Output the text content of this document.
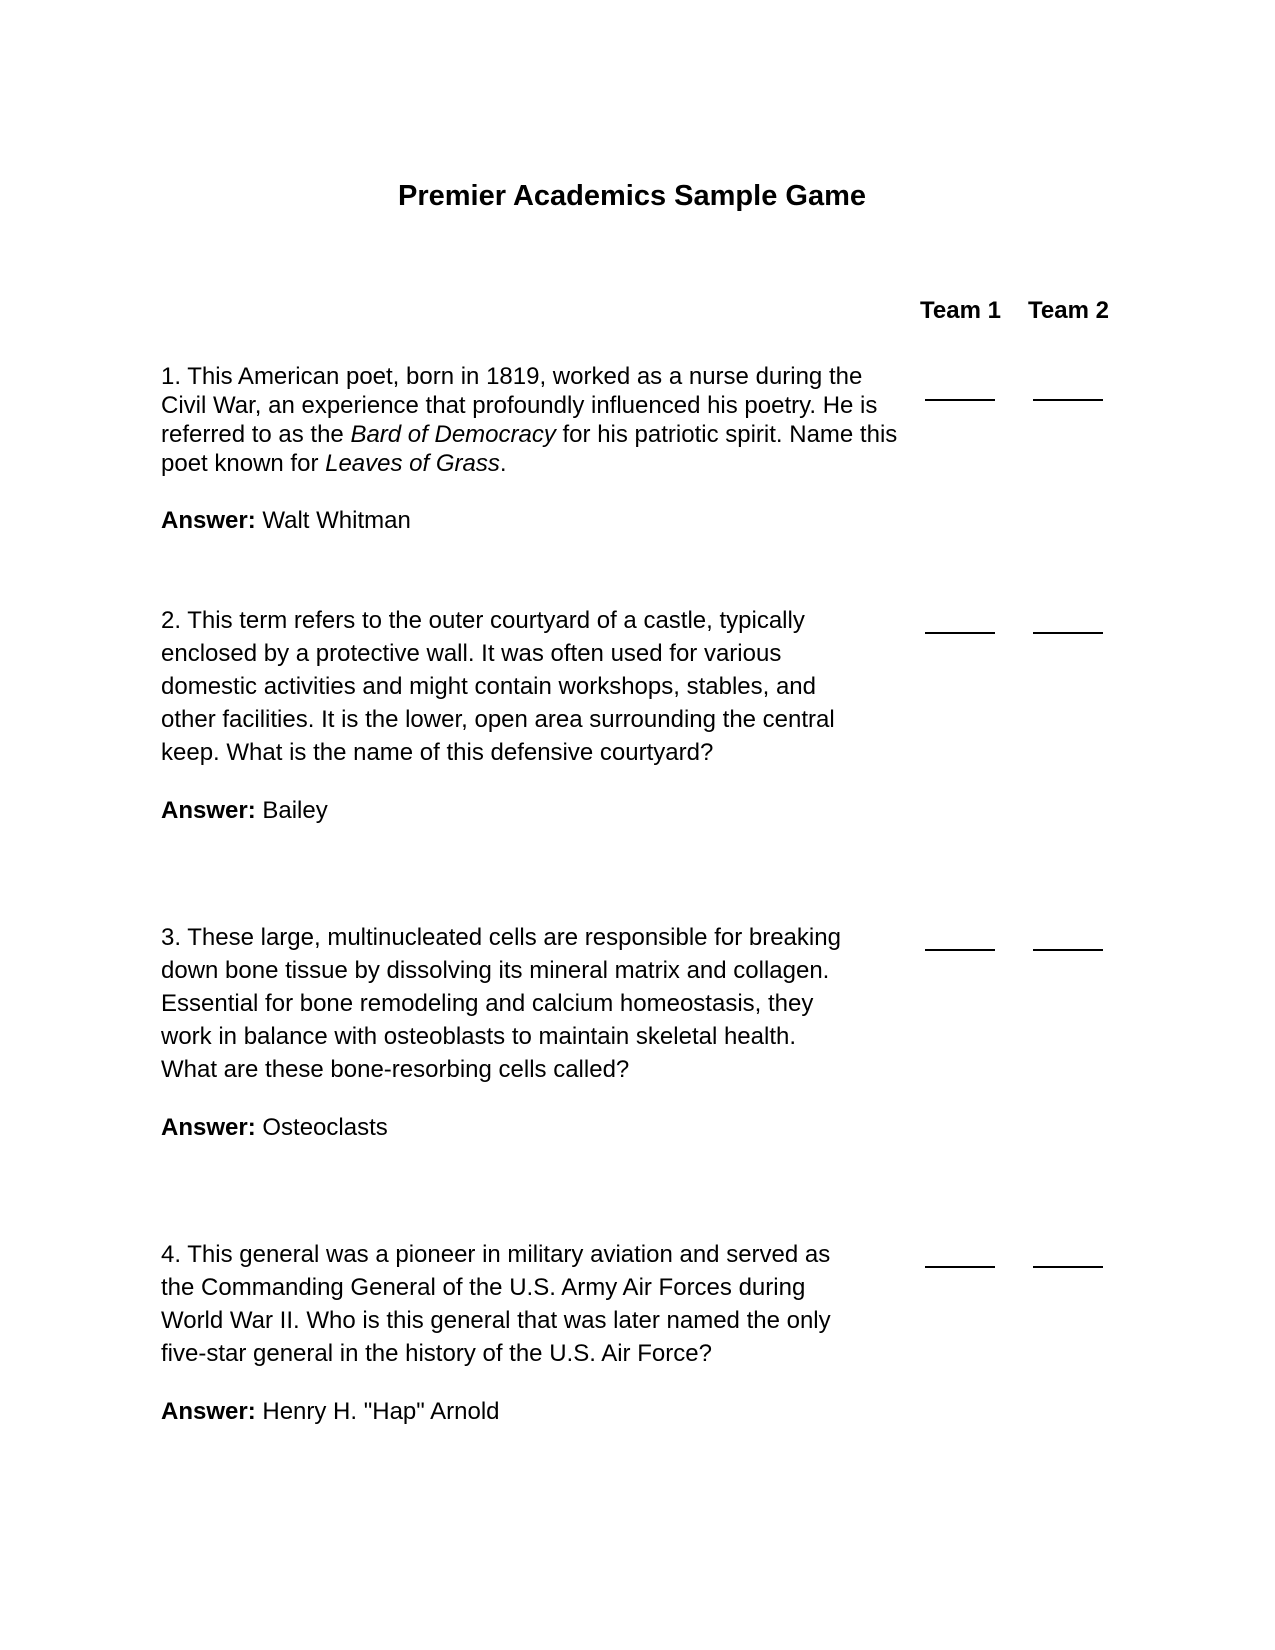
Premier Academics Sample Game
Team 1 Team 2

1. This American poet, born in 1819, worked as a nurse during the Civil War, an experience that profoundly influenced his poetry. He is referred to as the Bard of Democracy for his patriotic spirit. Name this poet known for Leaves of Grass.

Answer: Walt Whitman

2. This term refers to the outer courtyard of a castle, typically enclosed by a protective wall. It was often used for various domestic activities and might contain workshops, stables, and other facilities. It is the lower, open area surrounding the central keep. What is the name of this defensive courtyard?

Answer: Bailey

3. These large, multinucleated cells are responsible for breaking down bone tissue by dissolving its mineral matrix and collagen. Essential for bone remodeling and calcium homeostasis, they work in balance with osteoblasts to maintain skeletal health. What are these bone-resorbing cells called?

Answer: Osteoclasts

4. This general was a pioneer in military aviation and served as the Commanding General of the U.S. Army Air Forces during World War II. Who is this general that was later named the only five-star general in the history of the U.S. Air Force?

Answer: Henry H. "Hap" Arnold
